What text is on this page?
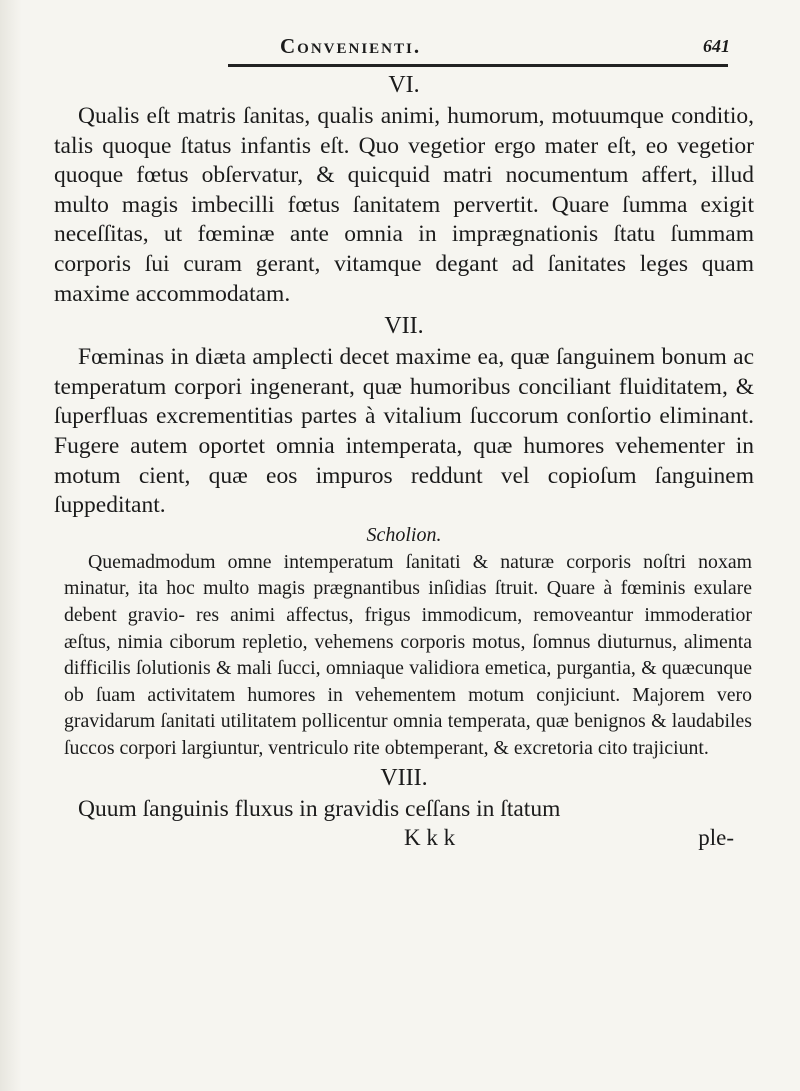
Convenienti.	641
VI.

Qualis eſt matris ſanitas, qualis animi, humorum, motuumque conditio, talis quoque ſtatus infantis eſt. Quo vegetior ergo mater eſt, eo vegetior quoque fœtus obſervatur, & quicquid matri nocumentum affert, illud multo magis imbecilli fœtus ſanitatem pervertit. Quare ſumma exigit neceſſitas, ut fœminæ ante omnia in imprægnationis ſtatu ſummam corporis ſui curam gerant, vitamque degant ad ſanitates leges quam maxime accommodatam.

VII.

Fœminas in diæta amplecti decet maxime ea, quæ ſanguinem bonum ac temperatum corpori ingenerant, quæ humoribus conciliant fluiditatem, & ſuperfluas excrementitias partes à vitalium ſuccorum conſortio eliminant. Fugere autem oportet omnia intemperata, quæ humores vehementer in motum cient, quæ eos impuros reddunt vel copioſum ſanguinem ſuppeditant.

Scholion.

Quemadmodum omne intemperatum ſanitati & naturæ corporis noſtri noxam minatur, ita hoc multo magis prægnantibus inſidias ſtruit. Quare à fœminis exulare debent gravio- res animi affectus, frigus immodicum, removeantur immoderatior æſtus, nimia ciborum repletio, vehemens corporis motus, ſomnus diuturnus, alimenta difficilis ſolutionis & mali ſucci, omniaque validiora emetica, purgantia, & quæcunque ob ſuam activitatem humores in vehementem motum conjiciunt. Majorem vero gravidarum ſanitati utilitatem pollicentur omnia temperata, quæ benignos & laudabiles ſuccos corpori largiuntur, ventriculo rite obtemperant, & excretoria cito trajiciunt.

VIII.

Quum ſanguinis fluxus in gravidis ceſſans in ſtatum

K k k	ple-
